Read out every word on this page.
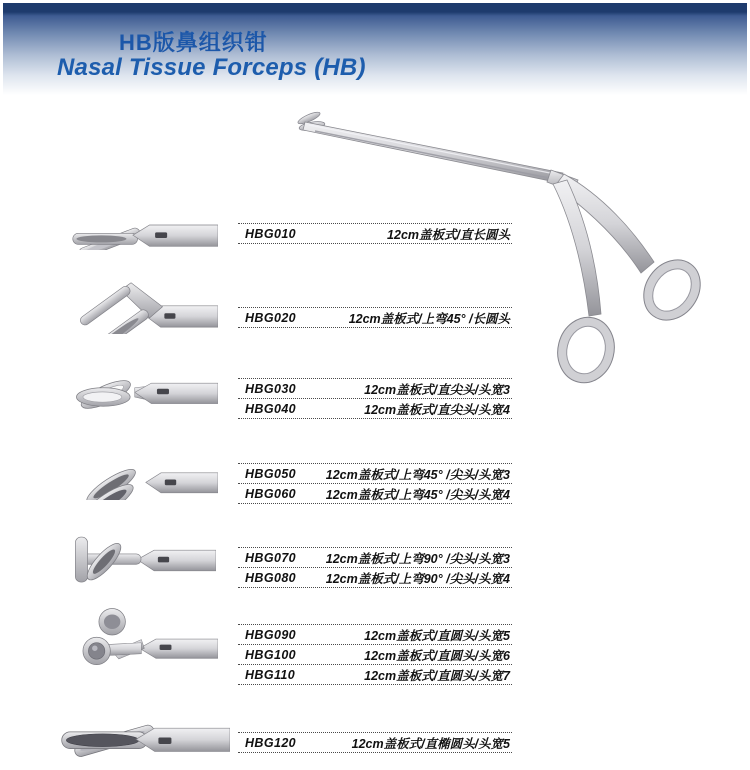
HB版鼻组织钳
Nasal Tissue Forceps (HB)
HBG010	12cm盖板式/直长圆头
HBG020	12cm盖板式/上弯45° /长圆头
HBG030	12cm盖板式/直尖头/头宽3
HBG040	12cm盖板式/直尖头/头宽4
HBG050 12cm盖板式/上弯45° /尖头/头宽3
HBG060 12cm盖板式/上弯45° /尖头/头宽4
HBG070 12cm盖板式/上弯90° /尖头/头宽3
HBG080 12cm盖板式/上弯90° /尖头/头宽4
HBG090	12cm盖板式/直圆头/头宽5
HBG100	12cm盖板式/直圆头/头宽6
HBG110	12cm盖板式/直圆头/头宽7
HBG120	12cm盖板式/直椭圆头/头宽5
